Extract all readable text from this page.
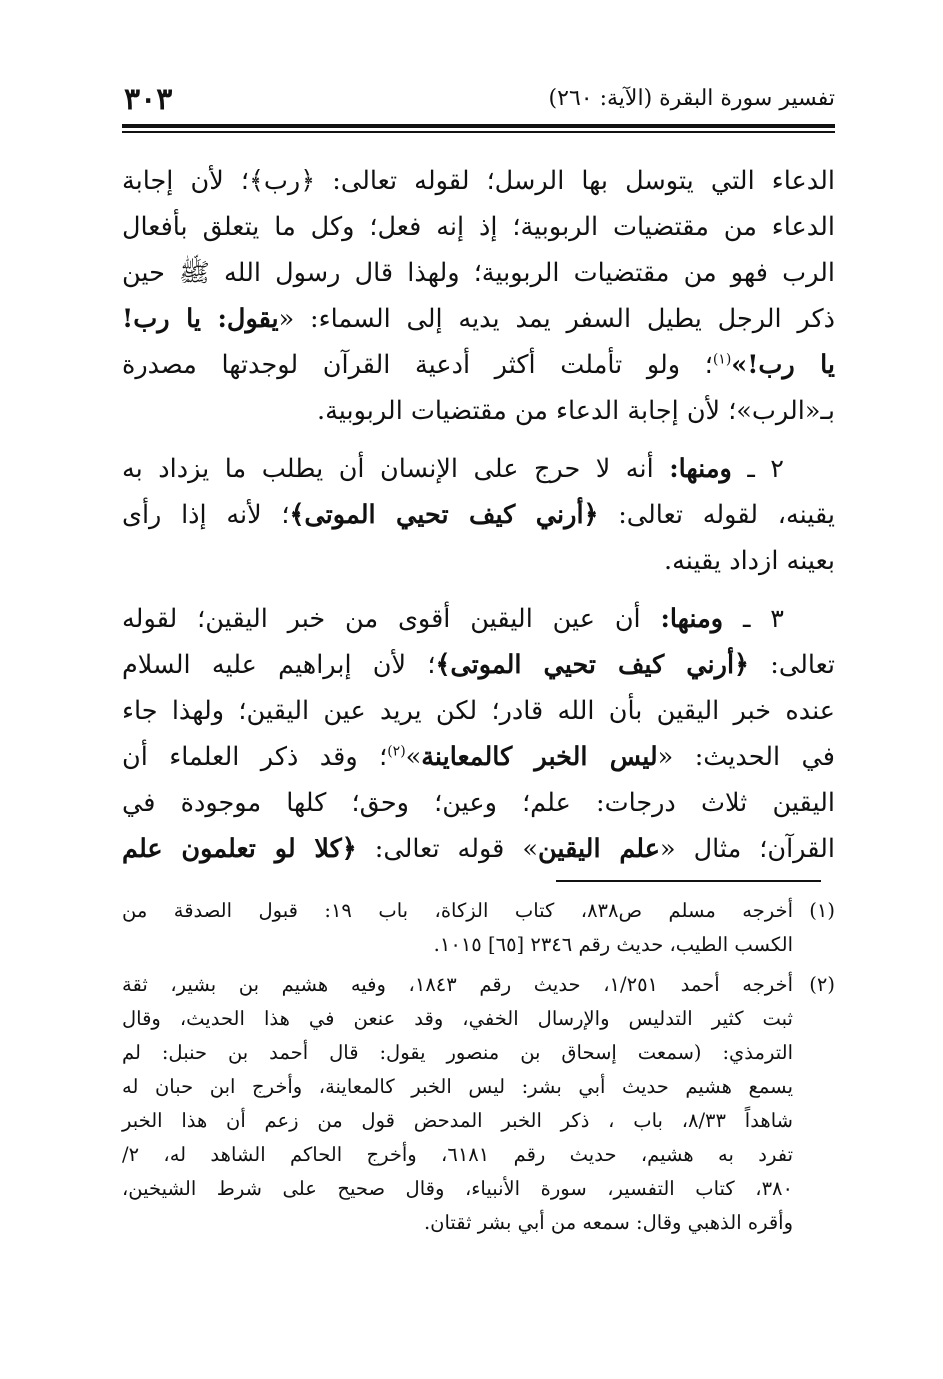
تفسير سورة البقرة (الآية: ٢٦٠)
٣٠٣
الدعاء التي يتوسل بها الرسل؛ لقوله تعالى: ﴿رب﴾؛ لأن إجابة
الدعاء من مقتضيات الربوبية؛ إذ إنه فعل؛ وكل ما يتعلق بأفعال
الرب فهو من مقتضيات الربوبية؛ ولهذا قال رسول الله ﷺ حين
ذكر الرجل يطيل السفر يمد يديه إلى السماء: «يقول: يا رب!
يا رب!»$^{(١)}$؛ ولو تأملت أكثر أدعية القرآن لوجدتها مصدرة
بـ«الرب»؛ لأن إجابة الدعاء من مقتضيات الربوبية.
  ٢ ـ ومنها: أنه لا حرج على الإنسان أن يطلب ما يزداد به
يقينه، لقوله تعالى: ﴿أرني كيف تحيي الموتى﴾؛ لأنه إذا رأى
بعينه ازداد يقينه.
  ٣ ـ ومنها: أن عين اليقين أقوى من خبر اليقين؛ لقوله
تعالى: ﴿أرني كيف تحيي الموتى﴾؛ لأن إبراهيم عليه السلام
عنده خبر اليقين بأن الله قادر؛ لكن يريد عين اليقين؛ ولهذا جاء
في الحديث: «ليس الخبر كالمعاينة»$^{(٢)}$؛ وقد ذكر العلماء أن
اليقين ثلاث درجات: علم؛ وعين؛ وحق؛ كلها موجودة في
القرآن؛ مثال «علم اليقين» قوله تعالى: ﴿كلا لو تعلمون علم
(١)
أخرجه مسلم ص٨٣٨، كتاب الزكاة، باب ١٩: قبول الصدقة من
الكسب الطيب، حديث رقم ٢٣٤٦ [٦٥] ١٠١٥.
(٢)
أخرجه أحمد ١/٢٥١، حديث رقم ١٨٤٣، وفيه هشيم بن بشير، ثقة
ثبت كثير التدليس والإرسال الخفي، وقد عنعن في هذا الحديث، وقال
الترمذي: (سمعت إسحاق بن منصور يقول: قال أحمد بن حنبل: لم
يسمع هشيم حديث أبي بشر: ليس الخبر كالمعاينة، وأخرج ابن حبان له
شاهداً ٨/٣٣، باب ، ذكر الخبر المدحض قول من زعم أن هذا الخبر
تفرد به هشيم، حديث رقم ٦١٨١، وأخرج الحاكم الشاهد له، ٢/
٣٨٠، كتاب التفسير، سورة الأنبياء، وقال صحيح على شرط الشيخين،
وأقره الذهبي وقال: سمعه من أبي بشر ثقتان.
